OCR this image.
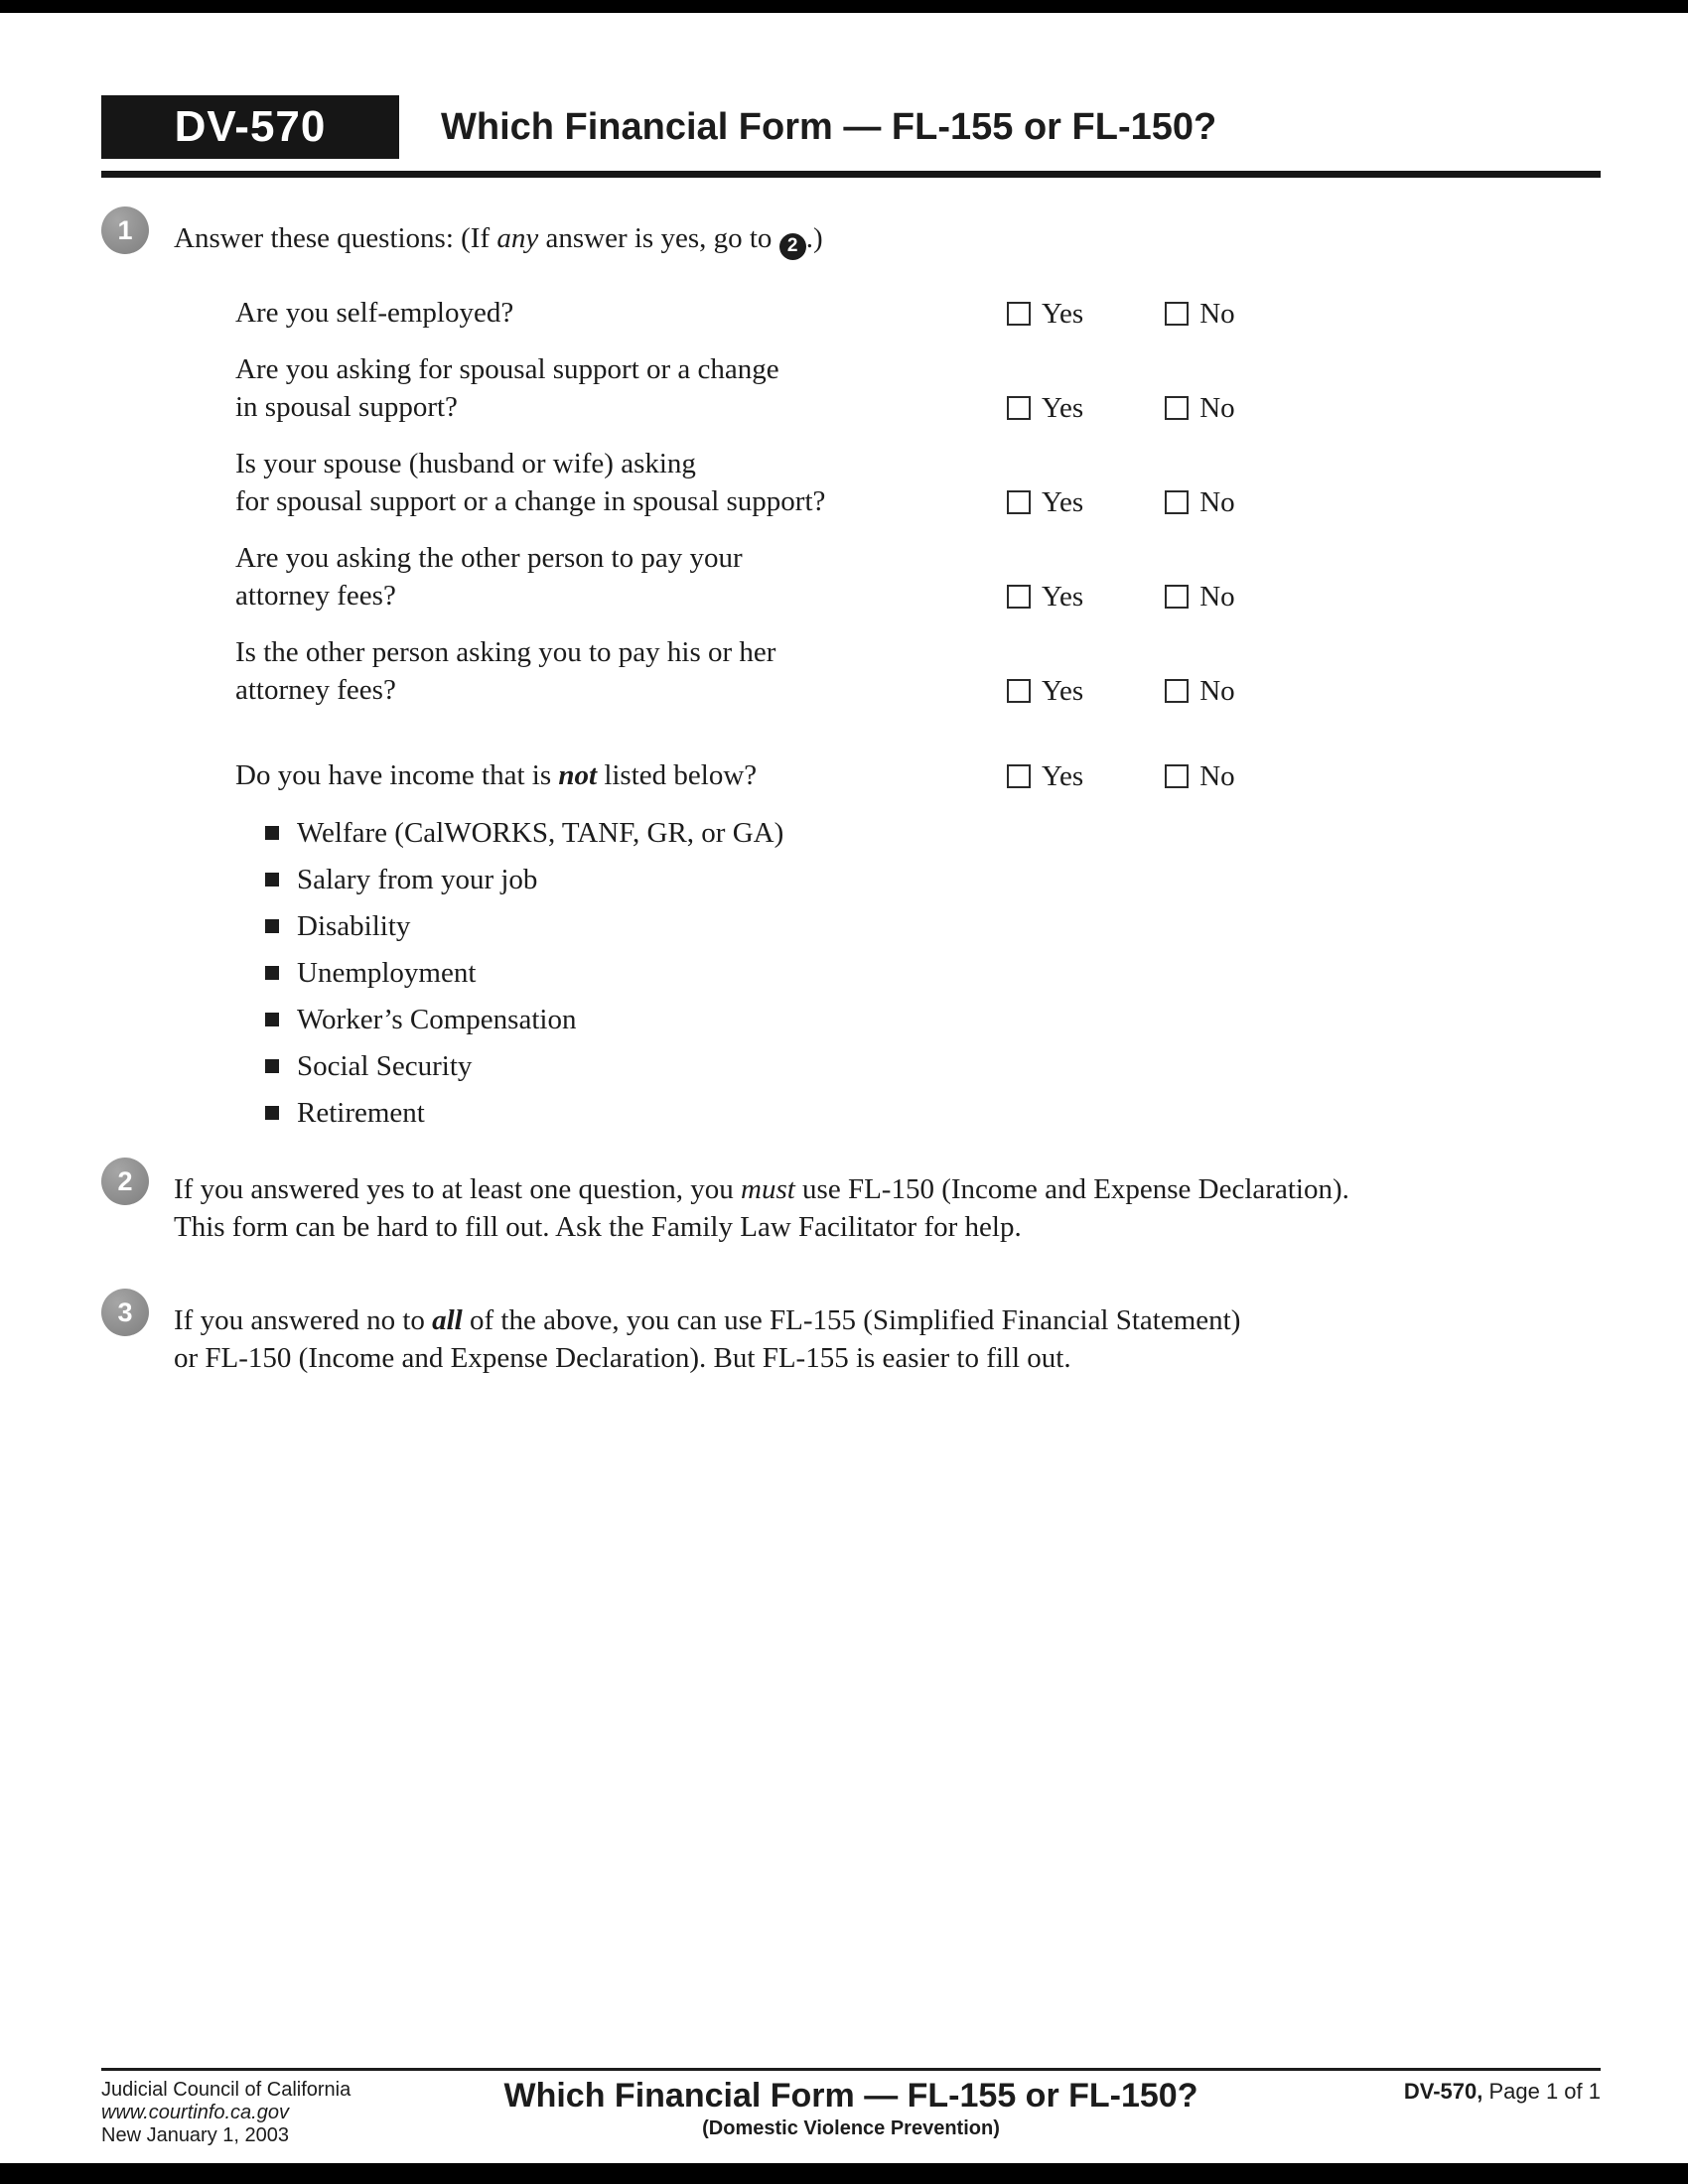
DV-570	Which Financial Form — FL-155 or FL-150?
1	Answer these questions: (If any answer is yes, go to 2 .)
Are you self-employed?	Yes	No
Are you asking for spousal support or a change
in spousal support?	Yes	No
Is your spouse (husband or wife) asking
for spousal support or a change in spousal support?	Yes	No
Are you asking the other person to pay your
attorney fees?	Yes	No
Is the other person asking you to pay his or her
attorney fees?	Yes	No
Do you have income that is not listed below?	Yes	No
Welfare (CalWORKS, TANF, GR, or GA)
Salary from your job
Disability
Unemployment
Worker’s Compensation
Social Security
Retirement
2	If you answered yes to at least one question, you must use FL-150 (Income and Expense Declaration).
This form can be hard to fill out. Ask the Family Law Facilitator for help.
3	If you answered no to all of the above, you can use FL-155 (Simplified Financial Statement)
or FL-150 (Income and Expense Declaration). But FL-155 is easier to fill out.
Judicial Council of California
www.courtinfo.ca.gov
New January 1, 2003
Which Financial Form — FL-155 or FL-150?
(Domestic Violence Prevention)
DV-570, Page 1 of 1
